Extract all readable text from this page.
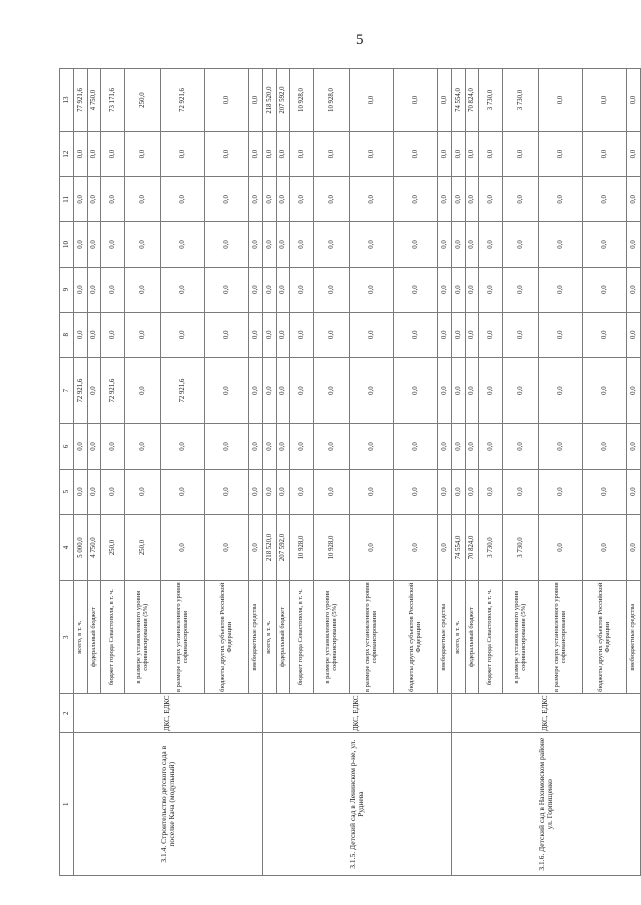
5
1	2	3	4	5	6	7	8	9	10	11	12	13
3.1.4. Строительство детского сада в поселке Кача (модульный)	ДКС, ЕДКС	всего, в т. ч.	5 000,0	0,0	0,0	72 921,6	0,0	0,0	0,0	0,0	0,0	77 921,6
		федеральный бюджет	4 750,0	0,0	0,0	0,0	0,0	0,0	0,0	0,0	0,0	4 750,0
		бюджет города Севастополя, в т. ч.	250,0	0,0	0,0	72 921,6	0,0	0,0	0,0	0,0	0,0	73 171,6
		в размере установленного уровня софинансирования (5%)	250,0	0,0	0,0	0,0	0,0	0,0	0,0	0,0	0,0	250,0
		в размере сверх установленного уровня софинансирования	0,0	0,0	0,0	72 921,6	0,0	0,0	0,0	0,0	0,0	72 921,6
		бюджеты других субъектов Российской Федерации	0,0	0,0	0,0	0,0	0,0	0,0	0,0	0,0	0,0	0,0
		внебюджетные средства	0,0	0,0	0,0	0,0	0,0	0,0	0,0	0,0	0,0	0,0
3.1.5. Детский сад в Ленинском р-не, ул. Руднева	ДКС, ЕДКС	всего, в т. ч.	218 520,0	0,0	0,0	0,0	0,0	0,0	0,0	0,0	0,0	218 520,0
		федеральный бюджет	207 592,0	0,0	0,0	0,0	0,0	0,0	0,0	0,0	0,0	207 592,0
		бюджет города Севастополя, в т. ч.	10 928,0	0,0	0,0	0,0	0,0	0,0	0,0	0,0	0,0	10 928,0
		в размере установленного уровня софинансирования (5%)	10 928,0	0,0	0,0	0,0	0,0	0,0	0,0	0,0	0,0	10 928,0
		в размере сверх установленного уровня софинансирования	0,0	0,0	0,0	0,0	0,0	0,0	0,0	0,0	0,0	0,0
		бюджеты других субъектов Российской Федерации	0,0	0,0	0,0	0,0	0,0	0,0	0,0	0,0	0,0	0,0
		внебюджетные средства	0,0	0,0	0,0	0,0	0,0	0,0	0,0	0,0	0,0	0,0
3.1.6. Детский сад в Нахимовском районе ул. Горпищенко	ДКС, ЕДКС	всего, в т. ч.	74 554,0	0,0	0,0	0,0	0,0	0,0	0,0	0,0	0,0	74 554,0
		федеральный бюджет	70 824,0	0,0	0,0	0,0	0,0	0,0	0,0	0,0	0,0	70 824,0
		бюджет города Севастополя, в т. ч.	3 730,0	0,0	0,0	0,0	0,0	0,0	0,0	0,0	0,0	3 730,0
		в размере установленного уровня софинансирования (5%)	3 730,0	0,0	0,0	0,0	0,0	0,0	0,0	0,0	0,0	3 730,0
		в размере сверх установленного уровня софинансирования	0,0	0,0	0,0	0,0	0,0	0,0	0,0	0,0	0,0	0,0
		бюджеты других субъектов Российской Федерации	0,0	0,0	0,0	0,0	0,0	0,0	0,0	0,0	0,0	0,0
		внебюджетные средства	0,0	0,0	0,0	0,0	0,0	0,0	0,0	0,0	0,0	0,0
